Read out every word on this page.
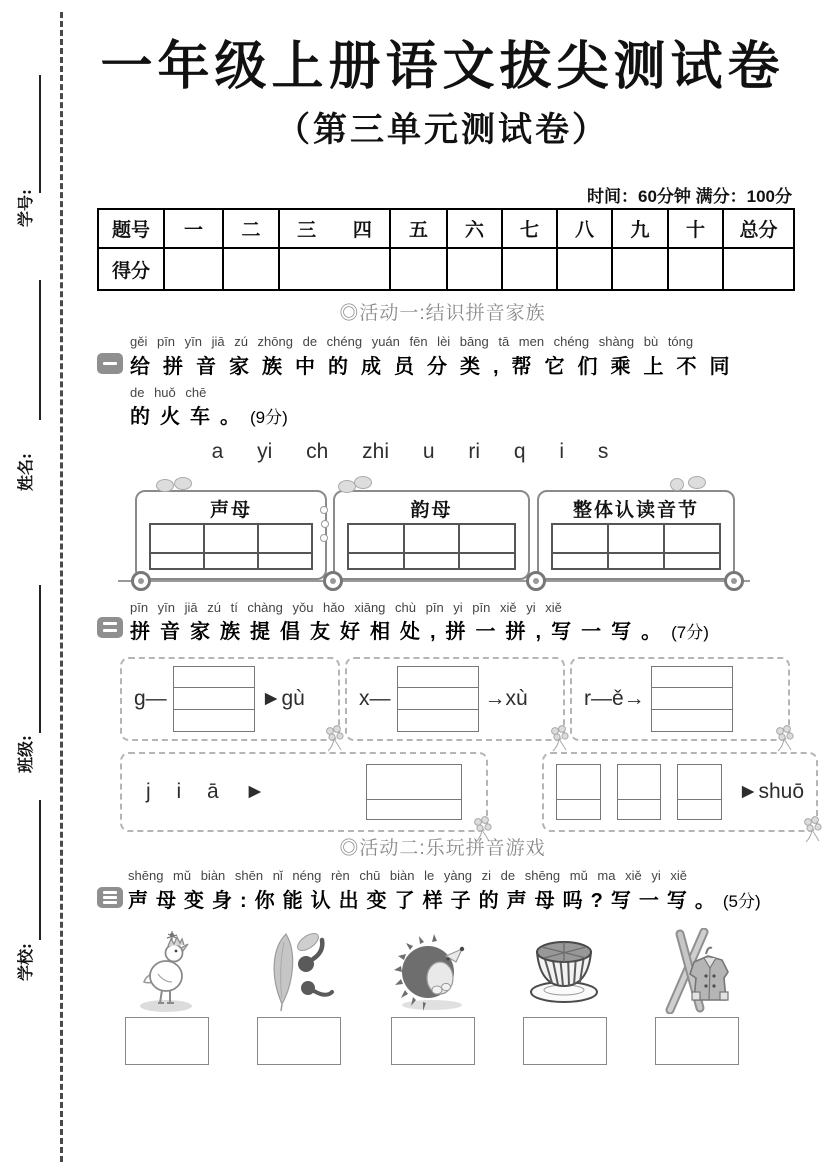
学号:
姓名:
班级:
学校:
一年级上册语文拔尖测试卷
（第三单元测试卷）
时间：60分钟 满分：100分
题号	一	二	三 四	五	六	七	八	九	十	总分
得分										
◎活动一:结识拼音家族
gěi pīn yīn jiā zú zhōng de chéng yuán fēn lèi bāng tā men chéng shàng bù tóng
给拼音家族中的成员分类,帮它们乘上不同
de huǒ chē
的火车。(9分)
a yi ch zhi u ri q i s
声母	韵母	整体认读音节
pīn yīn jiā zú tí chàng yǒu hǎo xiāng chù pīn yi pīn xiě yi xiě
拼音家族提倡友好相处,拼一拼,写一写。(7分)
g—	►gù	x—	→xù	r—ě→
j i ā ►	►shuō
◎活动二:乐玩拼音游戏
shēng mǔ biàn shēn nǐ néng rèn chū biàn le yàng zi de shēng mǔ ma xiě yi xiě
声母变身:你能认出变了样子的声母吗?写一写。(5分)
